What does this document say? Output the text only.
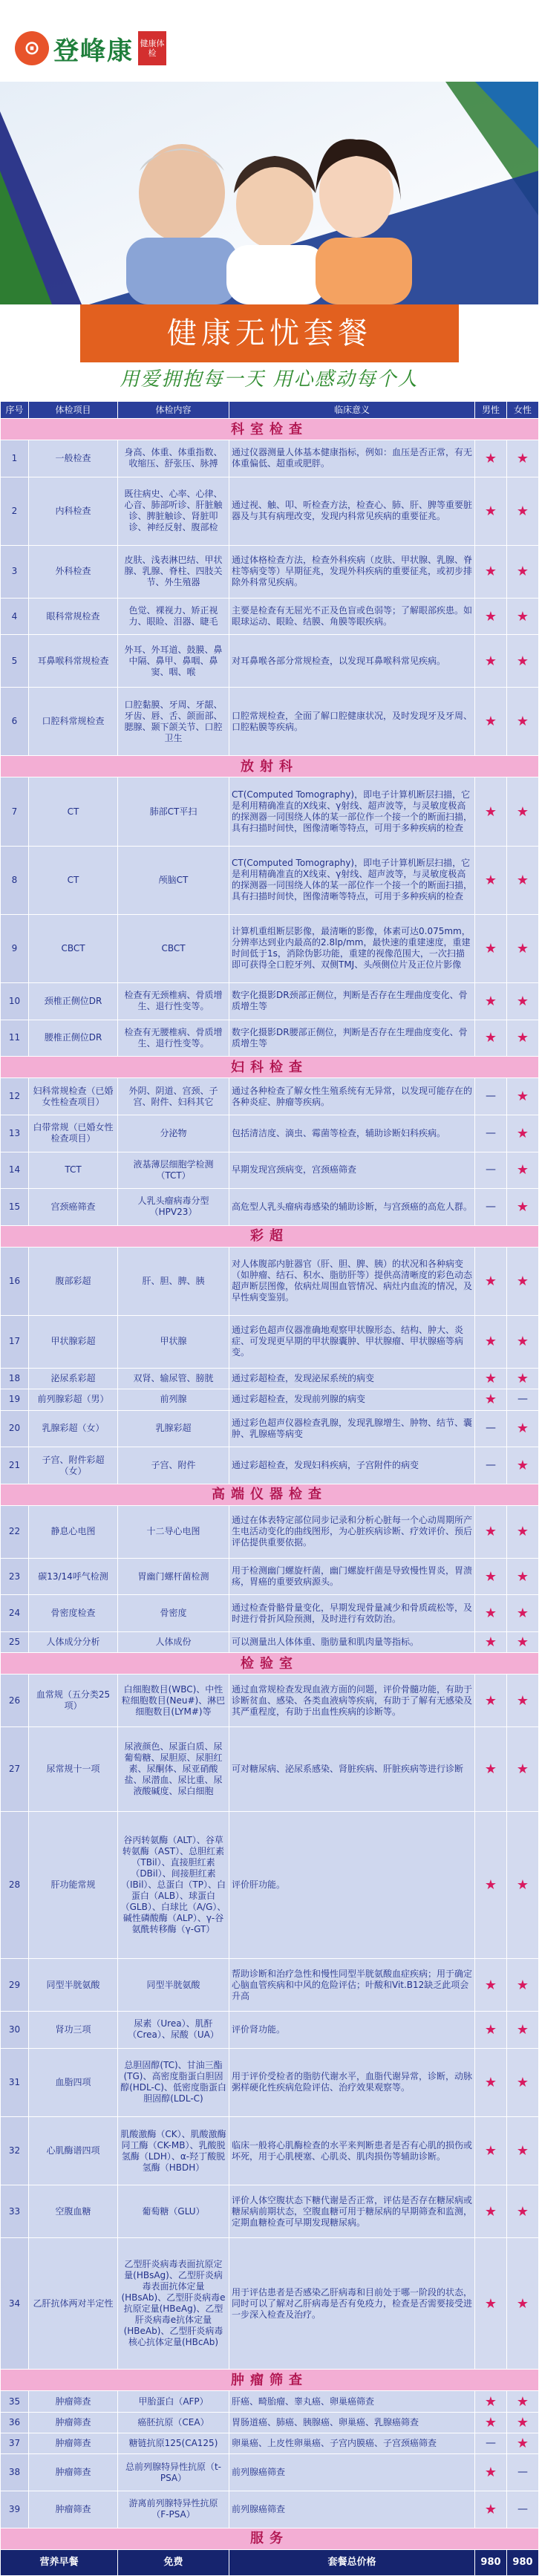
⊙ 登峰康 健康体检
健康无忧套餐
用爱拥抱每一天 用心感动每个人
序号	体检项目	体检内容	临床意义	男性	女性
科室检查					
1	一般检查	身高、体重、体重指数、收缩压、舒张压、脉搏	通过仪器测量人体基本健康指标，例如：血压是否正常，有无体重偏低、超重或肥胖。	★	★
2	内科检查	既往病史、心率、心律、心音、肺部听诊、肝脏触诊、脾脏触诊、肾脏叩诊、神经反射、腹部检	通过视、触、叩、听检查方法，检查心、肺、肝、脾等重要脏器及与其有病理改变，发现内科常见疾病的重要征兆。	★	★
3	外科检查	皮肤、浅表淋巴结、甲状腺、乳腺、脊柱、四肢关节、外生殖器	通过体格检查方法，检查外科疾病（皮肤、甲状腺、乳腺、脊柱等病变等）早期征兆，发现外科疾病的重要征兆，或初步排除外科常见疾病。	★	★
4	眼科常规检查	色觉、裸视力、矫正视力、眼睑、泪器、睫毛	主要是检查有无屈光不正及色盲或色弱等；了解眼部疾患。如眼球运动、眼睑、结膜、角膜等眼疾病。	★	★
5	耳鼻喉科常规检查	外耳、外耳道、鼓膜、鼻中隔、鼻甲、鼻咽、鼻窦、咽、喉	对耳鼻喉各部分常规检查，以发现耳鼻喉科常见疾病。	★	★
6	口腔科常规检查	口腔黏膜、牙周、牙龈、牙齿、唇、舌、颌面部、腮腺、颞下颌关节、口腔卫生	口腔常规检查，全面了解口腔健康状况，及时发现牙及牙周、口腔粘膜等疾病。	★	★
放射科					
7	CT	肺部CT平扫	CT(Computed Tomography)，即电子计算机断层扫描，它是利用精确准直的X线束、γ射线、超声波等，与灵敏度极高的探测器一同围绕人体的某一部位作一个接一个的断面扫描，具有扫描时间快，图像清晰等特点，可用于多种疾病的检查	★	★
8	CT	颅脑CT	CT(Computed Tomography)，即电子计算机断层扫描，它是利用精确准直的X线束、γ射线、超声波等，与灵敏度极高的探测器一同围绕人体的某一部位作一个接一个的断面扫描，具有扫描时间快，图像清晰等特点，可用于多种疾病的检查	★	★
9	CBCT	CBCT	计算机重组断层影像，最清晰的影像，体素可达0.075mm，分辨率达到业内最高的2.8lp/mm，最快速的重建速度，重建时间低于1s，消除伪影功能，重建的视像范围大，一次扫描即可获得全口腔牙列、双侧TMJ、头颅侧位片及正位片影像	★	★
10	颈椎正侧位DR	检查有无颈椎病、骨质增生、退行性变等。	数字化摄影DR颈部正侧位，判断是否存在生理曲度变化、骨质增生等	★	★
11	腰椎正侧位DR	检查有无腰椎病、骨质增生、退行性变等。	数字化摄影DR腰部正侧位，判断是否存在生理曲度变化、骨质增生等	★	★
妇科检查					
12	妇科常规检查（已婚女性检查项目）	外阴、阴道、宫颈、子宫、附件、妇科其它	通过各种检查了解女性生殖系统有无异常，以发现可能存在的各种炎症、肿瘤等疾病。	—	★
13	白带常规（已婚女性检查项目）	分泌物	包括清洁度、滴虫、霉菌等检查，辅助诊断妇科疾病。	—	★
14	TCT	液基薄层细胞学检测（TCT）	早期发现宫颈病变，宫颈癌筛查	—	★
15	宫颈癌筛查	人乳头瘤病毒分型（HPV23）	高危型人乳头瘤病毒感染的辅助诊断，与宫颈癌的高危人群。	—	★
彩超					
16	腹部彩超	肝、胆、脾、胰	对人体腹部内脏器官（肝、胆、脾、胰）的状况和各种病变（如肿瘤、结石、积水、脂肪肝等）提供高清晰度的彩色动态超声断层图像，依病灶周围血管情况、病灶内血流的情况，及早性病变鉴别。	★	★
17	甲状腺彩超	甲状腺	通过彩色超声仪器准确地观察甲状腺形态、结构、肿大、炎症、可发现更早期的甲状腺囊肿、甲状腺瘤、甲状腺癌等病变。	★	★
18	泌尿系彩超	双肾、输尿管、膀胱	通过彩超检查，发现泌尿系统的病变	★	★
19	前列腺彩超（男）	前列腺	通过彩超检查，发现前列腺的病变	★	—
20	乳腺彩超（女）	乳腺彩超	通过彩色超声仪器检查乳腺，发现乳腺增生、肿物、结节、囊肿、乳腺癌等病变	—	★
21	子宫、附件彩超（女）	子宫、附件	通过彩超检查，发现妇科疾病，子宫附件的病变	—	★
高端仪器检查					
22	静息心电图	十二导心电图	通过在体表特定部位同步记录和分析心脏每一个心动周期所产生电活动变化的曲线图形，为心脏疾病诊断、疗效评价、预后评估提供重要依据。	★	★
23	碳13/14呼气检测	胃幽门螺杆菌检测	用于检测幽门螺旋杆菌，幽门螺旋杆菌是导致慢性胃炎，胃溃疡，胃癌的重要致病源头。	★	★
24	骨密度检查	骨密度	通过检查骨骼骨量变化，早期发现骨量减少和骨质疏松等，及时进行骨折风险预测，及时进行有效防治。	★	★
25	人体成分分析	人体成份	可以测量出人体体重、脂肪量和肌肉量等指标。	★	★
检验室					
26	血常规（五分类25项）	白细胞数目(WBC)、中性粒细胞数目(Neu#)、淋巴细胞数目(LYM#)等	通过血常规检查发现血液方面的问题，评价骨髓功能，有助于诊断贫血、感染、各类血液病等疾病，有助于了解有无感染及其严重程度，有助于出血性疾病的诊断等。	★	★
27	尿常规十一项	尿液颜色、尿蛋白质、尿葡萄糖、尿胆原、尿胆红素、尿酮体、尿亚硝酸盐、尿潜血、尿比重、尿液酸碱度、尿白细胞	可对糖尿病、泌尿系感染、肾脏疾病、肝脏疾病等进行诊断	★	★
28	肝功能常规	谷丙转氨酶（ALT）、谷草转氨酶（AST）、总胆红素（TBil）、直接胆红素（DBil）、间接胆红素（IBil）、总蛋白（TP）、白蛋白（ALB）、球蛋白（GLB）、白球比（A/G）、碱性磷酸酶（ALP）、γ-谷氨酰转移酶（γ-GT）	评价肝功能。	★	★
29	同型半胱氨酸	同型半胱氨酸	帮助诊断和治疗急性和慢性同型半胱氨酸血症疾病；用于确定心脑血管疾病和中风的危险评估；叶酸和Vit.B12缺乏此项会升高	★	★
30	肾功三项	尿素（Urea）、肌酐（Crea）、尿酸（UA）	评价肾功能。	★	★
31	血脂四项	总胆固醇(TC)、甘油三酯(TG)、高密度脂蛋白胆固醇(HDL-C)、低密度脂蛋白胆固醇(LDL-C)	用于评价受检者的脂肪代谢水平，血脂代谢异常，诊断，动脉粥样硬化性疾病危险评估、治疗效果观察等。	★	★
32	心肌酶谱四项	肌酸激酶（CK）、肌酸激酶同工酶（CK-MB）、乳酸脱氢酶（LDH）、α-羟丁酸脱氢酶（HBDH）	临床一般将心肌酶检查的水平来判断患者是否有心肌的损伤或坏死，用于心肌梗塞、心肌炎、肌肉损伤等辅助诊断。	★	★
33	空腹血糖	葡萄糖（GLU）	评价人体空腹状态下糖代谢是否正常，评估是否存在糖尿病或糖尿病前期状态，空腹血糖可用于糖尿病的早期筛查和监测，定期血糖检查可早期发现糖尿病。	★	★
34	乙肝抗体两对半定性	乙型肝炎病毒表面抗原定量(HBsAg)、乙型肝炎病毒表面抗体定量(HBsAb)、乙型肝炎病毒e抗原定量(HBeAg)、乙型肝炎病毒e抗体定量(HBeAb)、乙型肝炎病毒核心抗体定量(HBcAb)	用于评估患者是否感染乙肝病毒和目前处于哪一阶段的状态，同时可以了解对乙肝病毒是否有免疫力，检查是否需要接受进一步深入检查及治疗。	★	★
肿瘤筛查					
35	肿瘤筛查	甲胎蛋白（AFP）	肝癌、畸胎瘤、睾丸癌、卵巢癌筛查	★	★
36	肿瘤筛查	癌胚抗原（CEA）	胃肠道癌、肺癌、胰腺癌、卵巢癌、乳腺癌筛查	★	★
37	肿瘤筛查	糖链抗原125(CA125)	卵巢癌、上皮性卵巢癌、子宫内膜癌、子宫颈癌筛查	—	★
38	肿瘤筛查	总前列腺特异性抗原（t-PSA）	前列腺癌筛查	★	—
39	肿瘤筛查	游离前列腺特异性抗原（F-PSA）	前列腺癌筛查	★	—
服务					
营养早餐		免费	套餐总价格	980	980
